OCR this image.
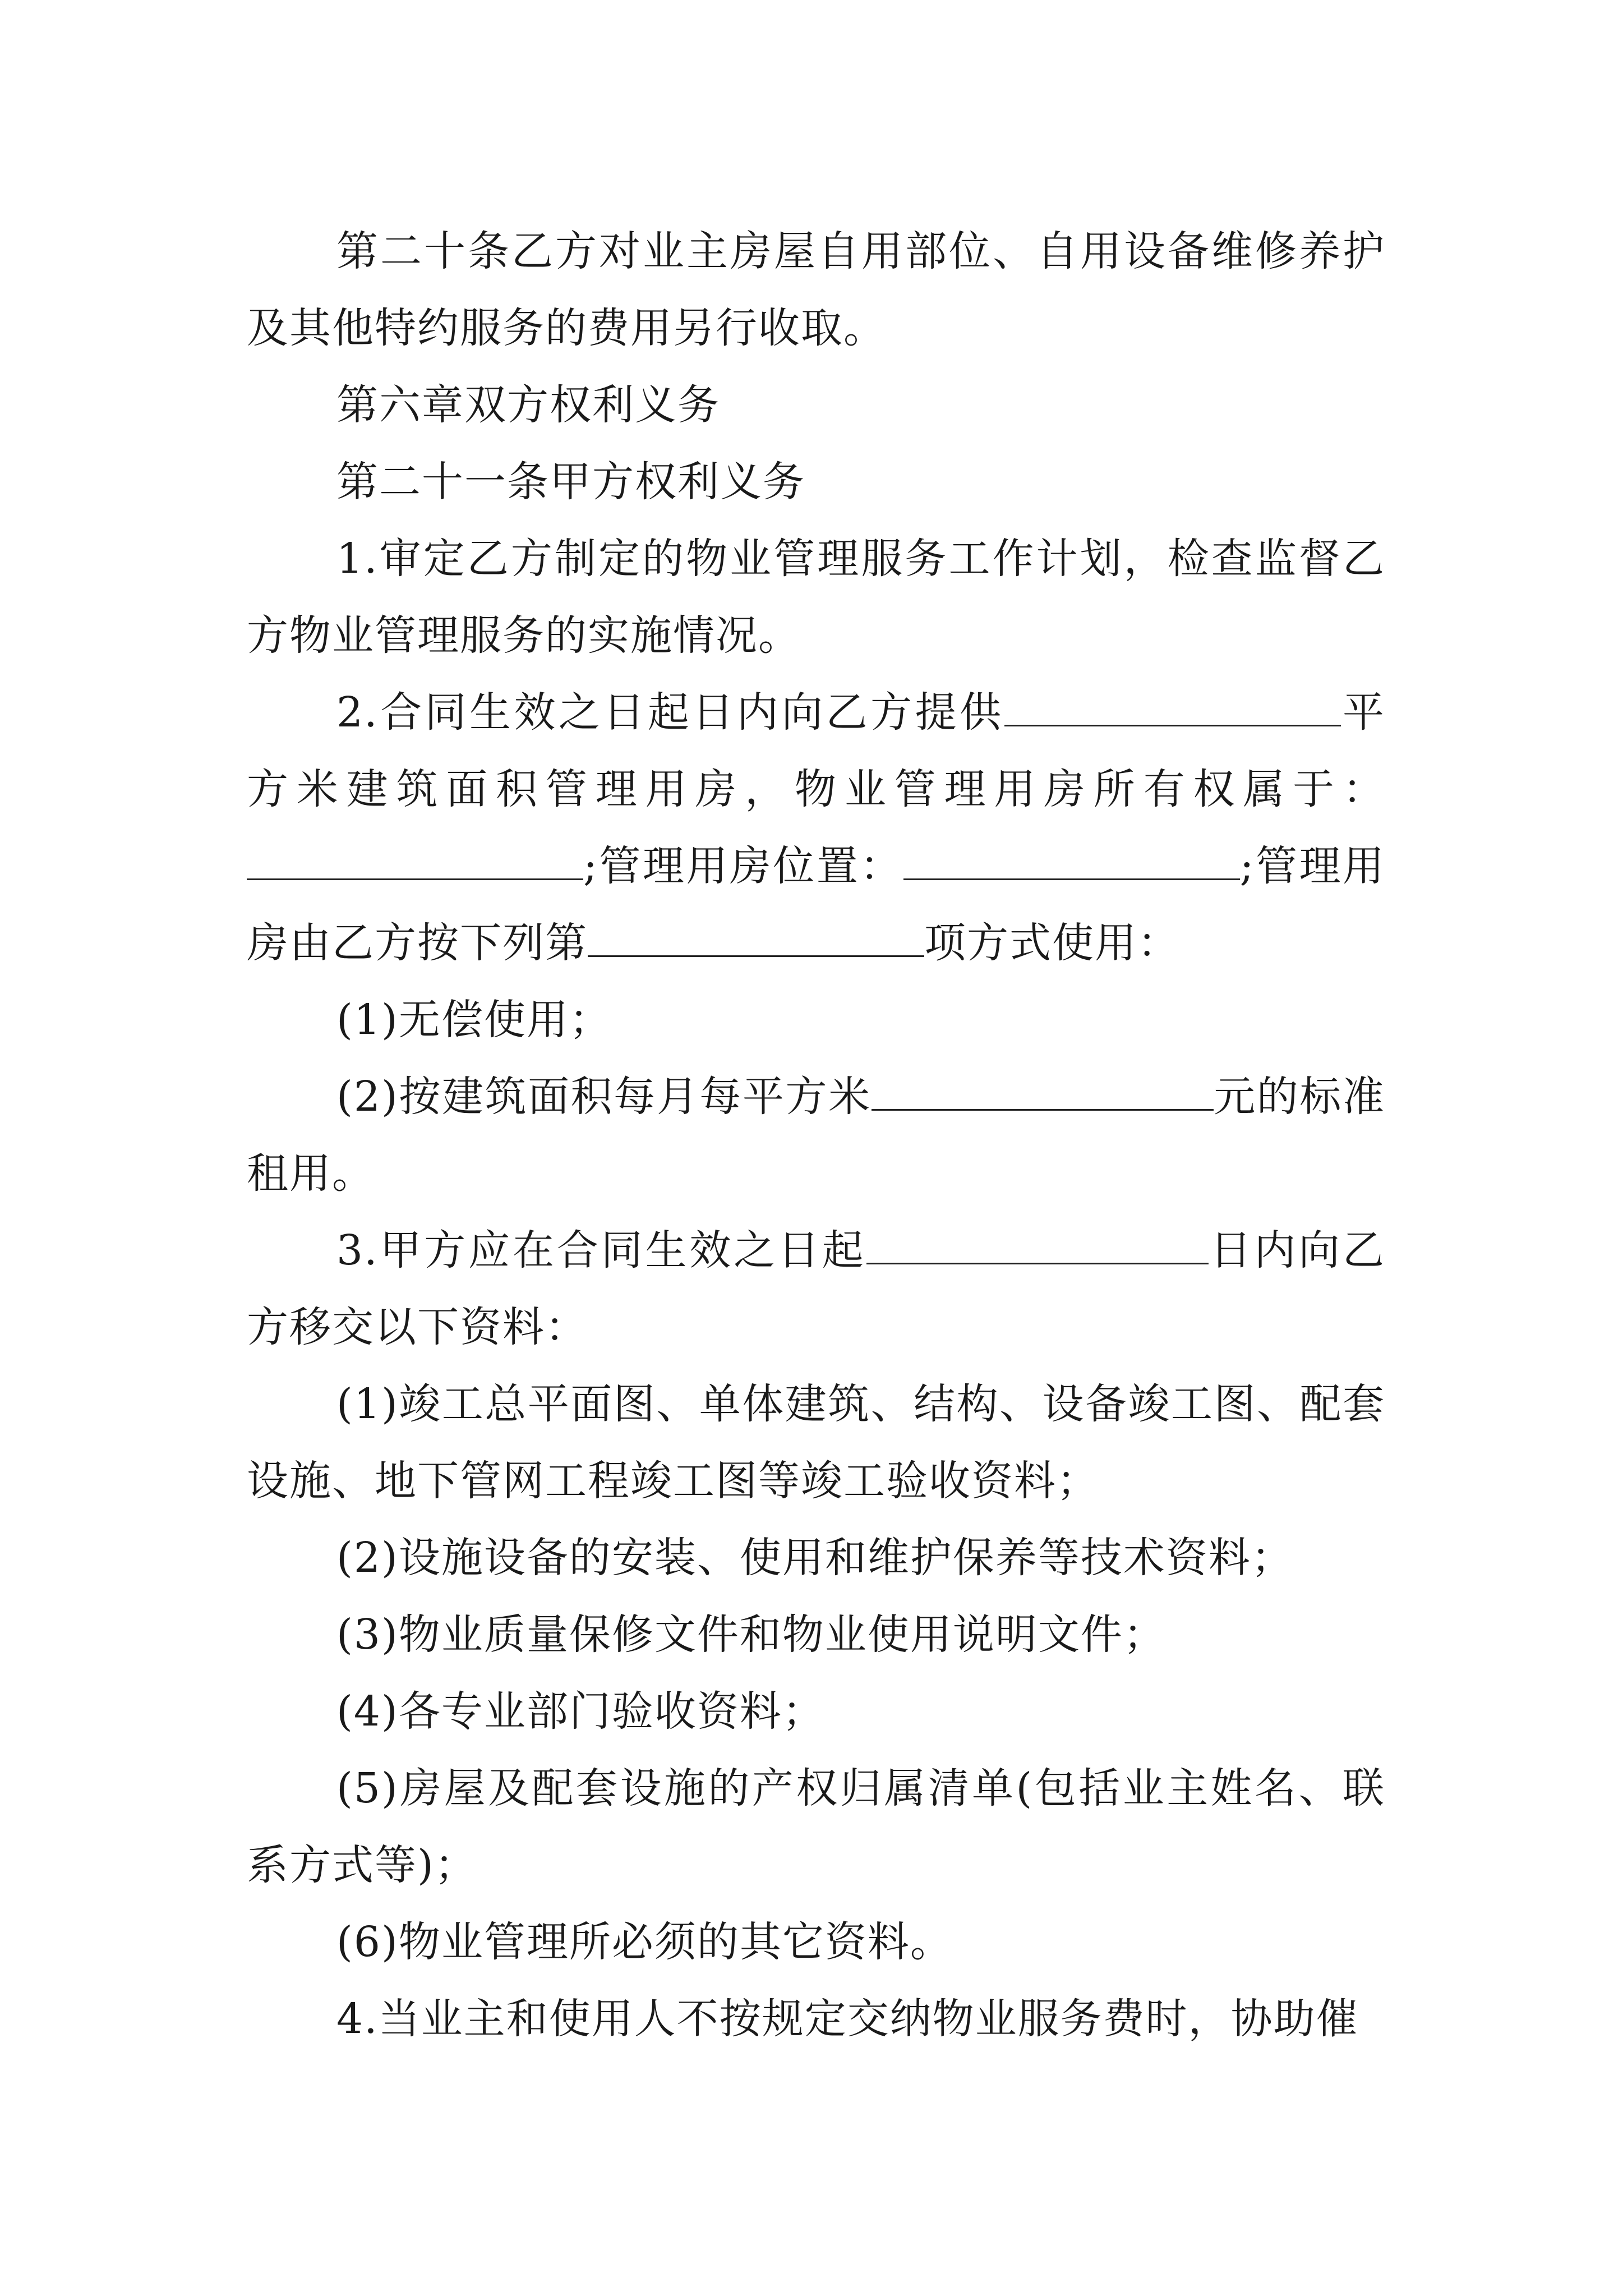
第二十条乙方对业主房屋自用部位、自用设备维修养护及其他特约服务的费用另行收取。

第六章双方权利义务

第二十一条甲方权利义务

1.审定乙方制定的物业管理服务工作计划，检查监督乙方物业管理服务的实施情况。

2.合同生效之日起日内向乙方提供	平方米建筑面积管理用房，物业管理用房所有权属于：;管理用房位置：	;管理用房由乙方按下列第	项方式使用：

(1)无偿使用；

(2)按建筑面积每月每平方米	元的标准租用。

3.甲方应在合同生效之日起	日内向乙方移交以下资料：

(1)竣工总平面图、单体建筑、结构、设备竣工图、配套设施、地下管网工程竣工图等竣工验收资料；

(2)设施设备的安装、使用和维护保养等技术资料；

(3)物业质量保修文件和物业使用说明文件；

(4)各专业部门验收资料；

(5)房屋及配套设施的产权归属清单(包括业主姓名、联系方式等)；

(6)物业管理所必须的其它资料。

4.当业主和使用人不按规定交纳物业服务费时，协助催
